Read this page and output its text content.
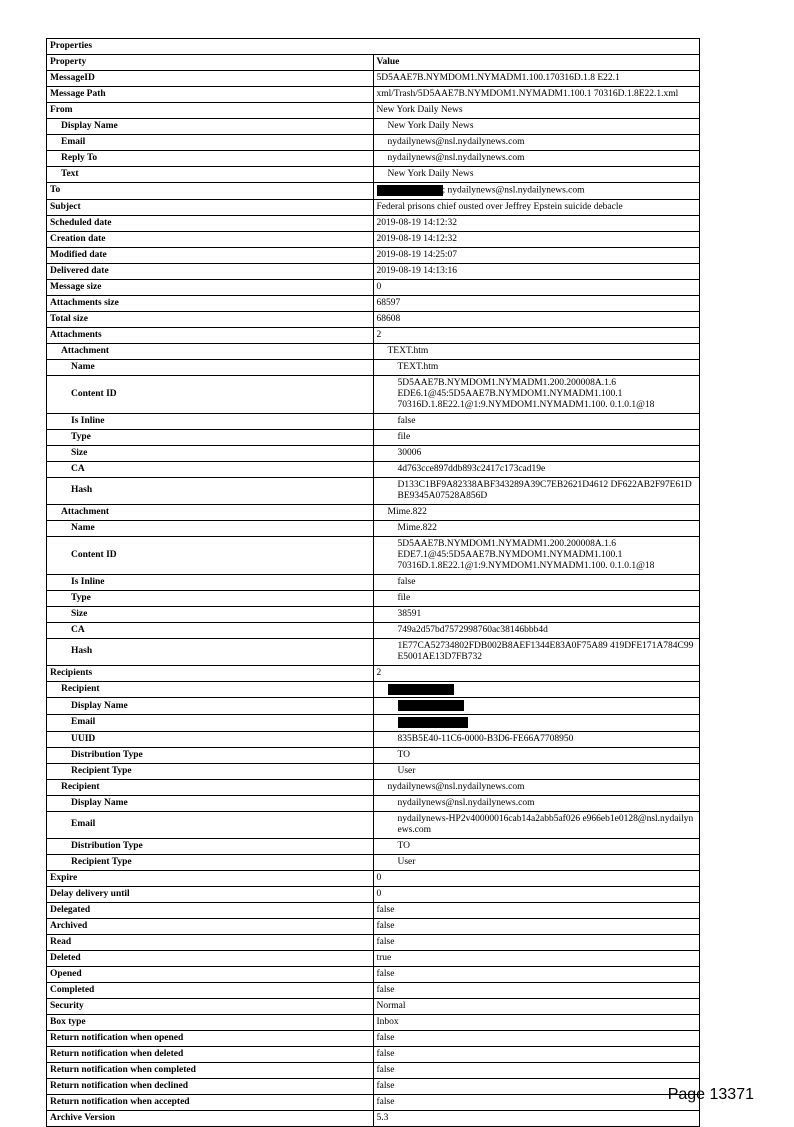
Properties	
Property	Value
MessageID	5D5AAE7B.NYMDOM1.NYMADM1.100.170316D.1.8 E22.1
Message Path	xml/Trash/5D5AAE7B.NYMDOM1.NYMADM1.100.1 70316D.1.8E22.1.xml
From	New York Daily News
Display Name	New York Daily News
Email	nydailynews@nsl.nydailynews.com
Reply To	nydailynews@nsl.nydailynews.com
Text	New York Daily News
To	; nydailynews@nsl.nydailynews.com
Subject	Federal prisons chief ousted over Jeffrey Epstein suicide debacle
Scheduled date	2019-08-19 14:12:32
Creation date	2019-08-19 14:12:32
Modified date	2019-08-19 14:25:07
Delivered date	2019-08-19 14:13:16
Message size	0
Attachments size	68597
Total size	68608
Attachments	2
Attachment	TEXT.htm
Name	TEXT.htm
Content ID	5D5AAE7B.NYMDOM1.NYMADM1.200.200008A.1.6
EDE6.1@45:5D5AAE7B.NYMDOM1.NYMADM1.100.1
70316D.1.8E22.1@1:9.NYMDOM1.NYMADM1.100. 0.1.0.1@18

Is Inline	false
Type	file
Size	30006
CA	4d763cce897ddb893c2417c173cad19e
Hash	D133C1BF9A82338ABF343289A39C7EB2621D4612 DF622AB2F97E61DBE9345A07528A856D
Attachment	Mime.822
Name	Mime.822
Content ID	5D5AAE7B.NYMDOM1.NYMADM1.200.200008A.1.6
EDE7.1@45:5D5AAE7B.NYMDOM1.NYMADM1.100.1
70316D.1.8E22.1@1:9.NYMDOM1.NYMADM1.100. 0.1.0.1@18

Is Inline	false
Type	file
Size	38591
CA	749a2d57bd7572998760ac38146bbb4d
Hash	1E77CA52734802FDB002B8AEF1344E83A0F75A89 419DFE171A784C99E5001AE13D7FB732
Recipients	2
Recipient	
Display Name	
Email	
UUID	835B5E40-11C6-0000-B3D6-FE66A7708950
Distribution Type	TO
Recipient Type	User
Recipient	nydailynews@nsl.nydailynews.com
Display Name	nydailynews@nsl.nydailynews.com
Email	nydailynews-HP2v40000016cab14a2abb5af026 e966eb1e0128@nsl.nydailynews.com
Distribution Type	TO
Recipient Type	User
Expire	0
Delay delivery until	0
Delegated	false
Archived	false
Read	false
Deleted	true
Opened	false
Completed	false
Security	Normal
Box type	Inbox
Return notification when opened	false
Return notification when deleted	false
Return notification when completed	false
Return notification when declined	false
Return notification when accepted	false
Archive Version	5.3
Page 13371
